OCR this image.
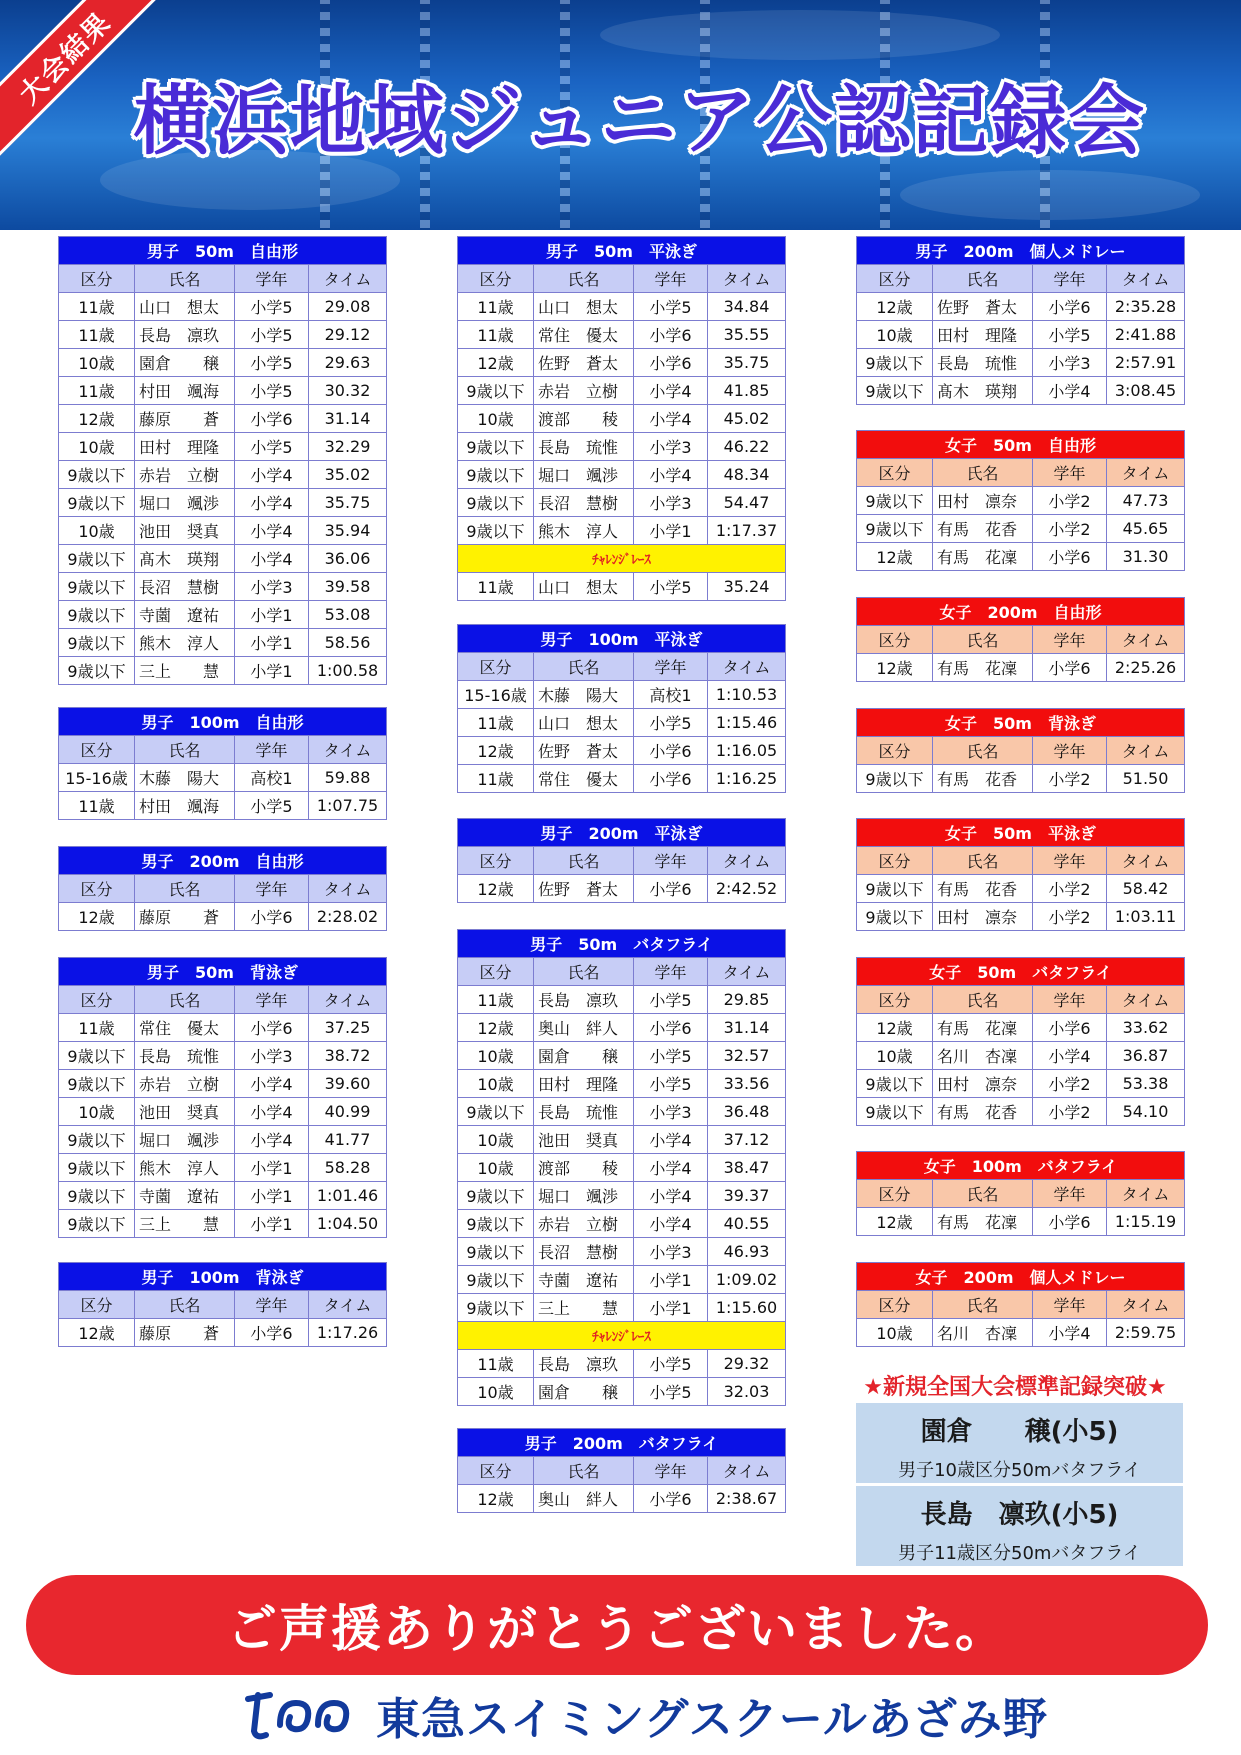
大会結果
横浜地域ジュニア公認記録会
男子　50m　自由形			
区分	氏名	学年	タイム
11歳	山口　想太	小学5	29.08
11歳	長島　凛玖	小学5	29.12
10歳	園倉　　穣	小学5	29.63
11歳	村田　颯海	小学5	30.32
12歳	藤原　　蒼	小学6	31.14
10歳	田村　理隆	小学5	32.29
9歳以下	赤岩　立樹	小学4	35.02
9歳以下	堀口　颯渉	小学4	35.75
10歳	池田　奨真	小学4	35.94
9歳以下	髙木　瑛翔	小学4	36.06
9歳以下	長沼　慧樹	小学3	39.58
9歳以下	寺薗　遼祐	小学1	53.08
9歳以下	熊木　淳人	小学1	58.56
9歳以下	三上　　慧	小学1	1:00.58
男子　100m　自由形			
区分	氏名	学年	タイム
15-16歳	木藤　陽大	高校1	59.88
11歳	村田　颯海	小学5	1:07.75
男子　200m　自由形			
区分	氏名	学年	タイム
12歳	藤原　　蒼	小学6	2:28.02
男子　50m　背泳ぎ			
区分	氏名	学年	タイム
11歳	常住　優太	小学6	37.25
9歳以下	長島　琉惟	小学3	38.72
9歳以下	赤岩　立樹	小学4	39.60
10歳	池田　奨真	小学4	40.99
9歳以下	堀口　颯渉	小学4	41.77
9歳以下	熊木　淳人	小学1	58.28
9歳以下	寺薗　遼祐	小学1	1:01.46
9歳以下	三上　　慧	小学1	1:04.50
男子　100m　背泳ぎ			
区分	氏名	学年	タイム
12歳	藤原　　蒼	小学6	1:17.26
男子　50m　平泳ぎ			
区分	氏名	学年	タイム
11歳	山口　想太	小学5	34.84
11歳	常住　優太	小学6	35.55
12歳	佐野　蒼太	小学6	35.75
9歳以下	赤岩　立樹	小学4	41.85
10歳	渡部　　稜	小学4	45.02
9歳以下	長島　琉惟	小学3	46.22
9歳以下	堀口　颯渉	小学4	48.34
9歳以下	長沼　慧樹	小学3	54.47
9歳以下	熊木　淳人	小学1	1:17.37
ﾁｬﾚﾝｼﾞﾚｰｽ			
11歳	山口　想太	小学5	35.24
男子　100m　平泳ぎ			
区分	氏名	学年	タイム
15-16歳	木藤　陽大	高校1	1:10.53
11歳	山口　想太	小学5	1:15.46
12歳	佐野　蒼太	小学6	1:16.05
11歳	常住　優太	小学6	1:16.25
男子　200m　平泳ぎ			
区分	氏名	学年	タイム
12歳	佐野　蒼太	小学6	2:42.52
男子　50m　バタフライ			
区分	氏名	学年	タイム
11歳	長島　凛玖	小学5	29.85
12歳	奥山　絆人	小学6	31.14
10歳	園倉　　穣	小学5	32.57
10歳	田村　理隆	小学5	33.56
9歳以下	長島　琉惟	小学3	36.48
10歳	池田　奨真	小学4	37.12
10歳	渡部　　稜	小学4	38.47
9歳以下	堀口　颯渉	小学4	39.37
9歳以下	赤岩　立樹	小学4	40.55
9歳以下	長沼　慧樹	小学3	46.93
9歳以下	寺薗　遼祐	小学1	1:09.02
9歳以下	三上　　慧	小学1	1:15.60
ﾁｬﾚﾝｼﾞﾚｰｽ			
11歳	長島　凛玖	小学5	29.32
10歳	園倉　　穣	小学5	32.03
男子　200m　バタフライ			
区分	氏名	学年	タイム
12歳	奥山　絆人	小学6	2:38.67
男子　200m　個人メドレー			
区分	氏名	学年	タイム
12歳	佐野　蒼太	小学6	2:35.28
10歳	田村　理隆	小学5	2:41.88
9歳以下	長島　琉惟	小学3	2:57.91
9歳以下	髙木　瑛翔	小学4	3:08.45
女子　50m　自由形			
区分	氏名	学年	タイム
9歳以下	田村　凛奈	小学2	47.73
9歳以下	有馬　花香	小学2	45.65
12歳	有馬　花凜	小学6	31.30
女子　200m　自由形			
区分	氏名	学年	タイム
12歳	有馬　花凜	小学6	2:25.26
女子　50m　背泳ぎ			
区分	氏名	学年	タイム
9歳以下	有馬　花香	小学2	51.50
女子　50m　平泳ぎ			
区分	氏名	学年	タイム
9歳以下	有馬　花香	小学2	58.42
9歳以下	田村　凛奈	小学2	1:03.11
女子　50m　バタフライ			
区分	氏名	学年	タイム
12歳	有馬　花凜	小学6	33.62
10歳	名川　杏凜	小学4	36.87
9歳以下	田村　凛奈	小学2	53.38
9歳以下	有馬　花香	小学2	54.10
女子　100m　バタフライ			
区分	氏名	学年	タイム
12歳	有馬　花凜	小学6	1:15.19
女子　200m　個人メドレー			
区分	氏名	学年	タイム
10歳	名川　杏凜	小学4	2:59.75
★新規全国大会標準記録突破★
園倉　　穣(小5)
男子10歳区分50mバタフライ
長島　凛玖(小5)
男子11歳区分50mバタフライ
ご声援ありがとうございました。
東急スイミングスクールあざみ野
